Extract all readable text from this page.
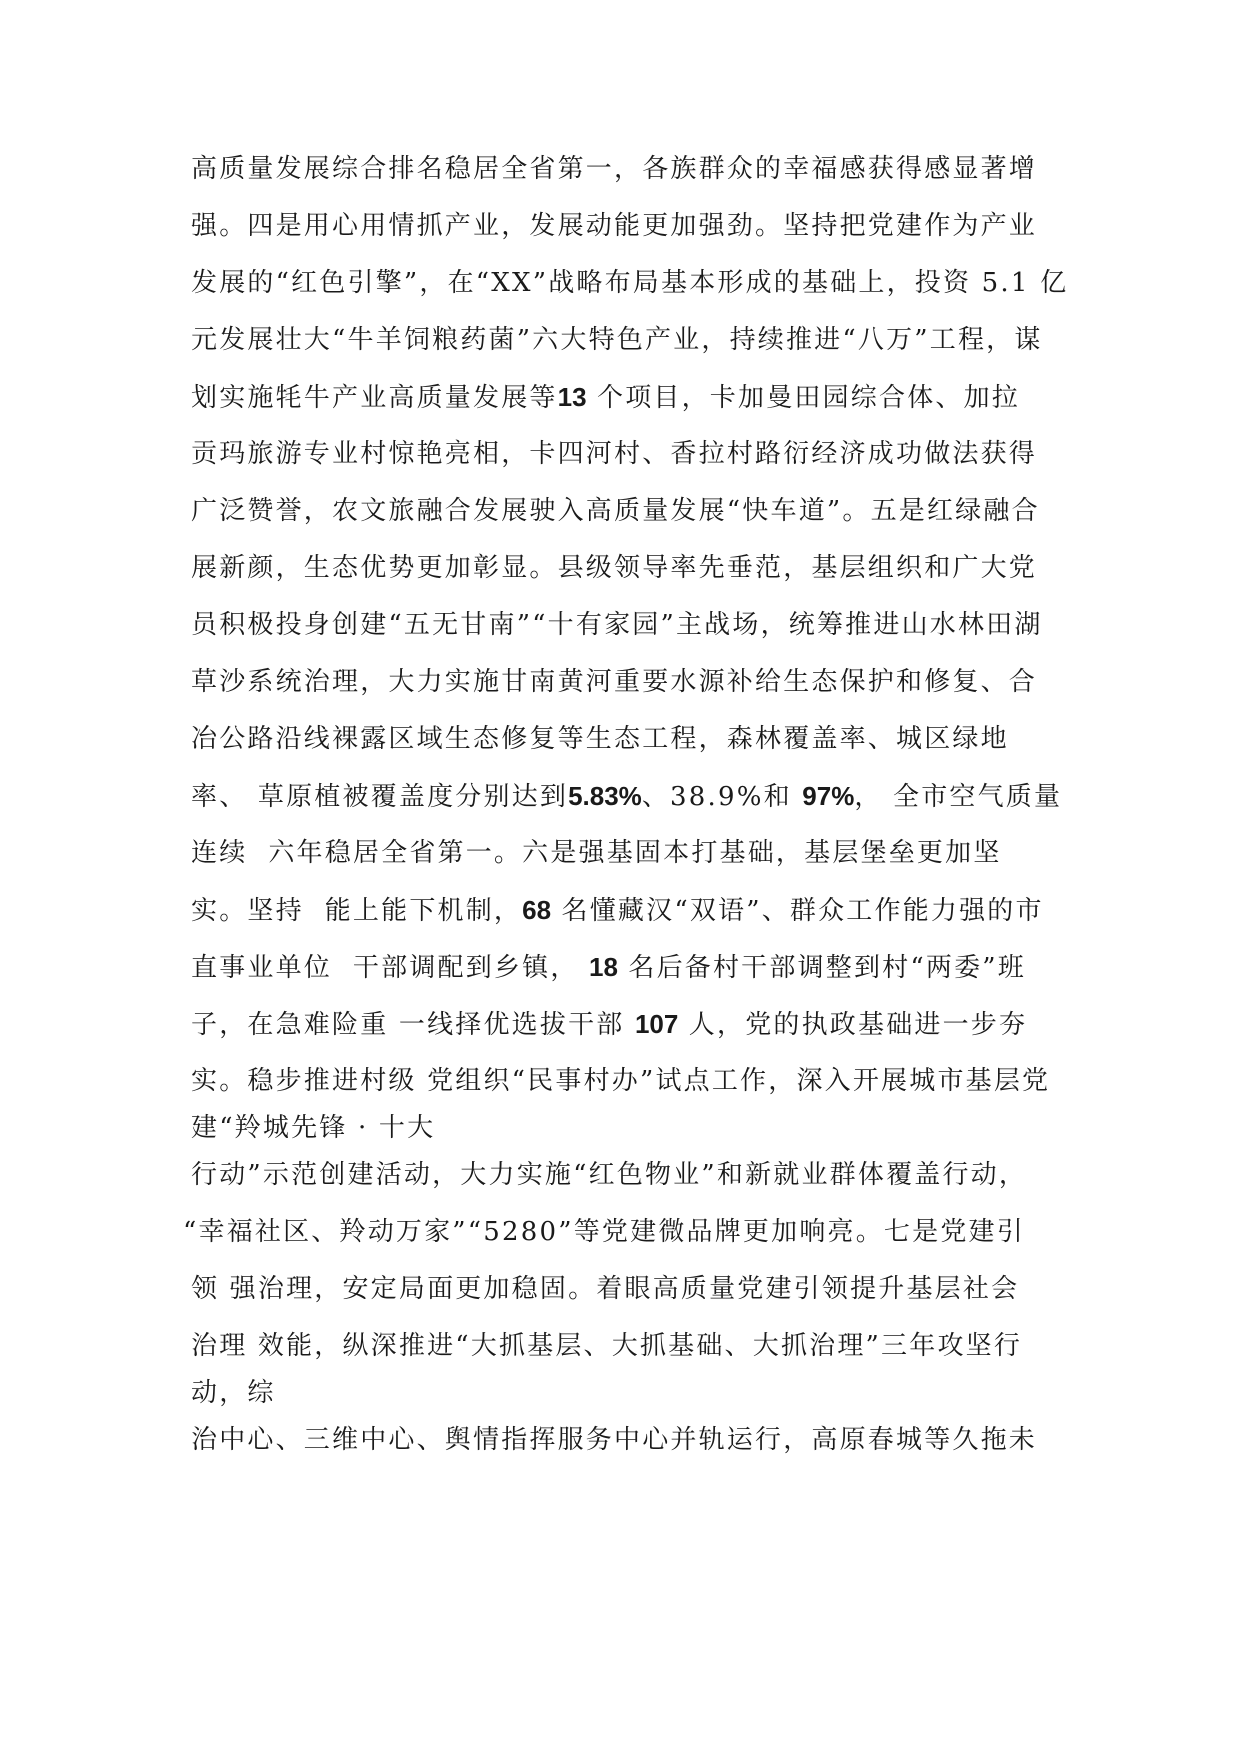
高质量发展综合排名稳居全省第一，各族群众的幸福感获得感显著增
强。四是用心用情抓产业，发展动能更加强劲。坚持把党建作为产业
发展的“红色引擎”，在“XX”战略布局基本形成的基础上，投资 5.1 亿
元发展壮大“牛羊饲粮药菌”六大特色产业，持续推进“八万”工程，谋
划实施牦牛产业高质量发展等13 个项目，卡加曼田园综合体、加拉
贡玛旅游专业村惊艳亮相，卡四河村、香拉村路衍经济成功做法获得
广泛赞誉，农文旅融合发展驶入高质量发展“快车道”。五是红绿融合
展新颜，生态优势更加彰显。县级领导率先垂范，基层组织和广大党
员积极投身创建“五无甘南”“十有家园”主战场，统筹推进山水林田湖
草沙系统治理，大力实施甘南黄河重要水源补给生态保护和修复、合
冶公路沿线裸露区域生态修复等生态工程，森林覆盖率、城区绿地
率、 草原植被覆盖度分别达到5.83%、38.9%和 97%， 全市空气质量
连续  六年稳居全省第一。六是强基固本打基础，基层堡垒更加坚
实。坚持  能上能下机制，68 名懂藏汉“双语”、群众工作能力强的市
直事业单位  干部调配到乡镇， 18 名后备村干部调整到村“两委”班
子，在急难险重 一线择优选拔干部 107 人，党的执政基础进一步夯
实。稳步推进村级 党组织“民事村办”试点工作，深入开展城市基层党
建“羚城先锋 · 十大
行动”示范创建活动，大力实施“红色物业”和新就业群体覆盖行动，
“幸福社区、羚动万家”“5280”等党建微品牌更加响亮。七是党建引
领 强治理，安定局面更加稳固。着眼高质量党建引领提升基层社会
治理 效能，纵深推进“大抓基层、大抓基础、大抓治理”三年攻坚行
动，综
治中心、三维中心、舆情指挥服务中心并轨运行，高原春城等久拖未
